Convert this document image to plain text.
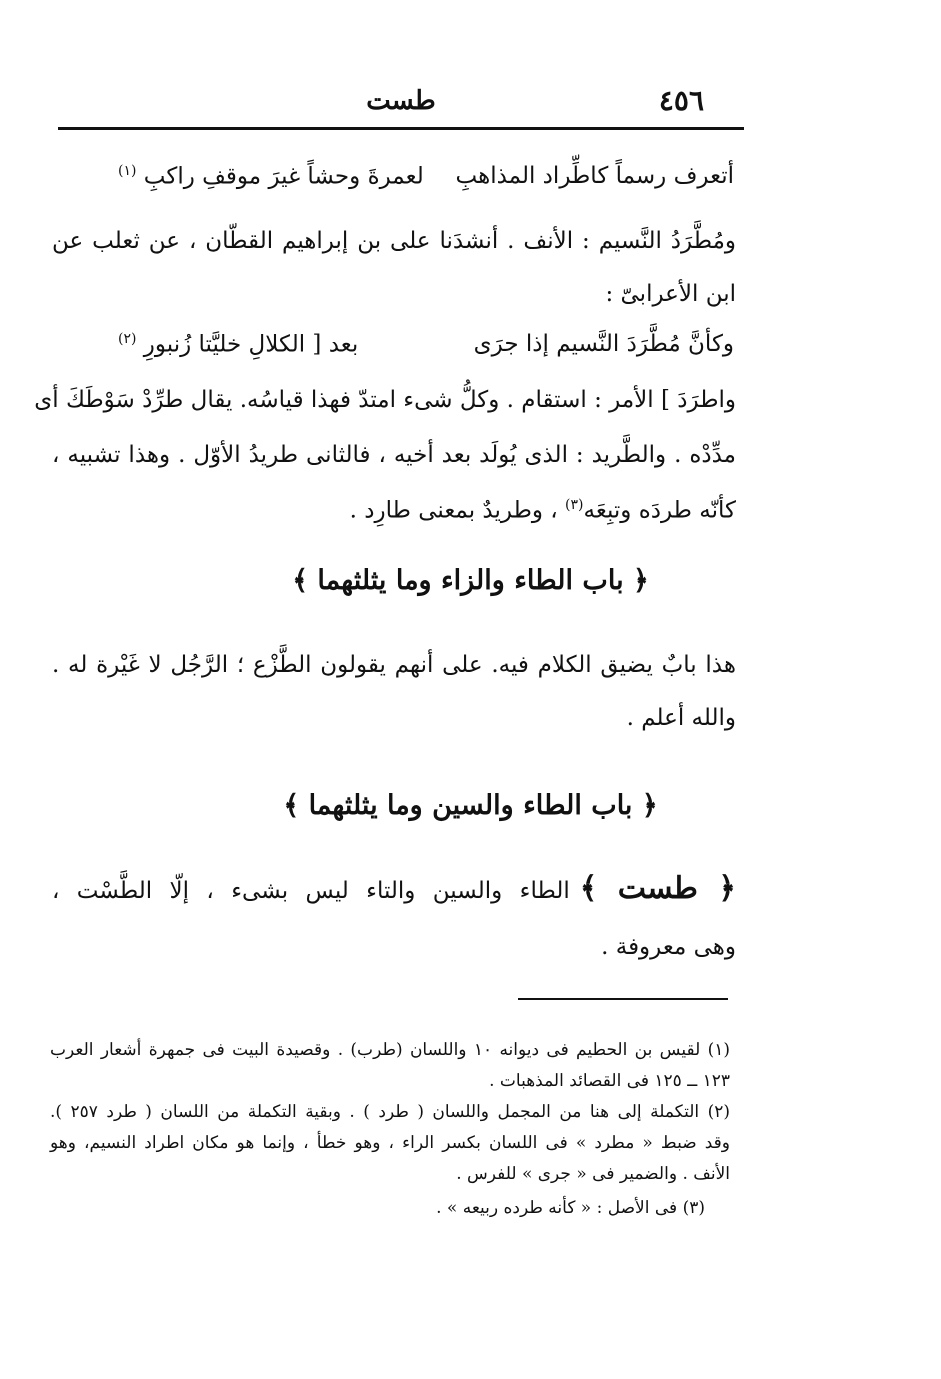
٤٥٦
طست
أتعرف رسماً كاطِّراد المذاهبِ
لعمرةَ وحشاً غيرَ موقفِ راكبِ $^{(١)}$
ومُطَّرَدُ النَّسيم : الأنف . أنشدَنا على بن إبراهيم القطّان ، عن ثعلب عن
ابن الأعرابىّ :
وكأنَّ مُطَّرَدَ النَّسيم إذا جرَى
بعد [ الكلالِ خليَّتا زُنبورِ $^{(٢)}$
واطرَدَ ] الأمر : استقام . وكلُّ شىء امتدّ فهذا قياسُه. يقال طرِّدْ سَوْطَكَ أى
مدِّدْه . والطَّريد : الذى يُولَد بعد أخيه ، فالثانى طريدُ الأوّل . وهذا تشبيه ،
كأنّه طردَه وتبِعَه$^{(٣)}$ ، وطريدٌ بمعنى طارِد .
﴿ باب الطاء والزاء وما يثلثهما ﴾
هذا بابٌ يضيق الكلام فيه. على أنهم يقولون الطَّزْع ؛ الرَّجُل لا غَيْرة له .
والله أعلم .
﴿ باب الطاء والسين وما يثلثهما ﴾
﴿ طست ﴾الطاء والسين والتاء ليس بشىء ، إلّا الطَّسْت ،
وهى معروفة .
(١) لقيس بن الحطيم فى ديوانه ١٠ واللسان (طرب) . وقصيدة البيت فى جمهرة أشعار العرب
١٢٣ ــ ١٢٥ فى القصائد المذهبات .
(٢) التكملة إلى هنا من المجمل واللسان ( طرد ) . وبقية التكملة من اللسان ( طرد ٢٥٧ ).
وقد ضبط « مطرد » فى اللسان بكسر الراء ، وهو خطأ ، وإنما هو مكان اطراد النسيم، وهو
الأنف . والضمير فى « جرى » للفرس .
(٣) فى الأصل : « كأنه طرده ربيعه » .
